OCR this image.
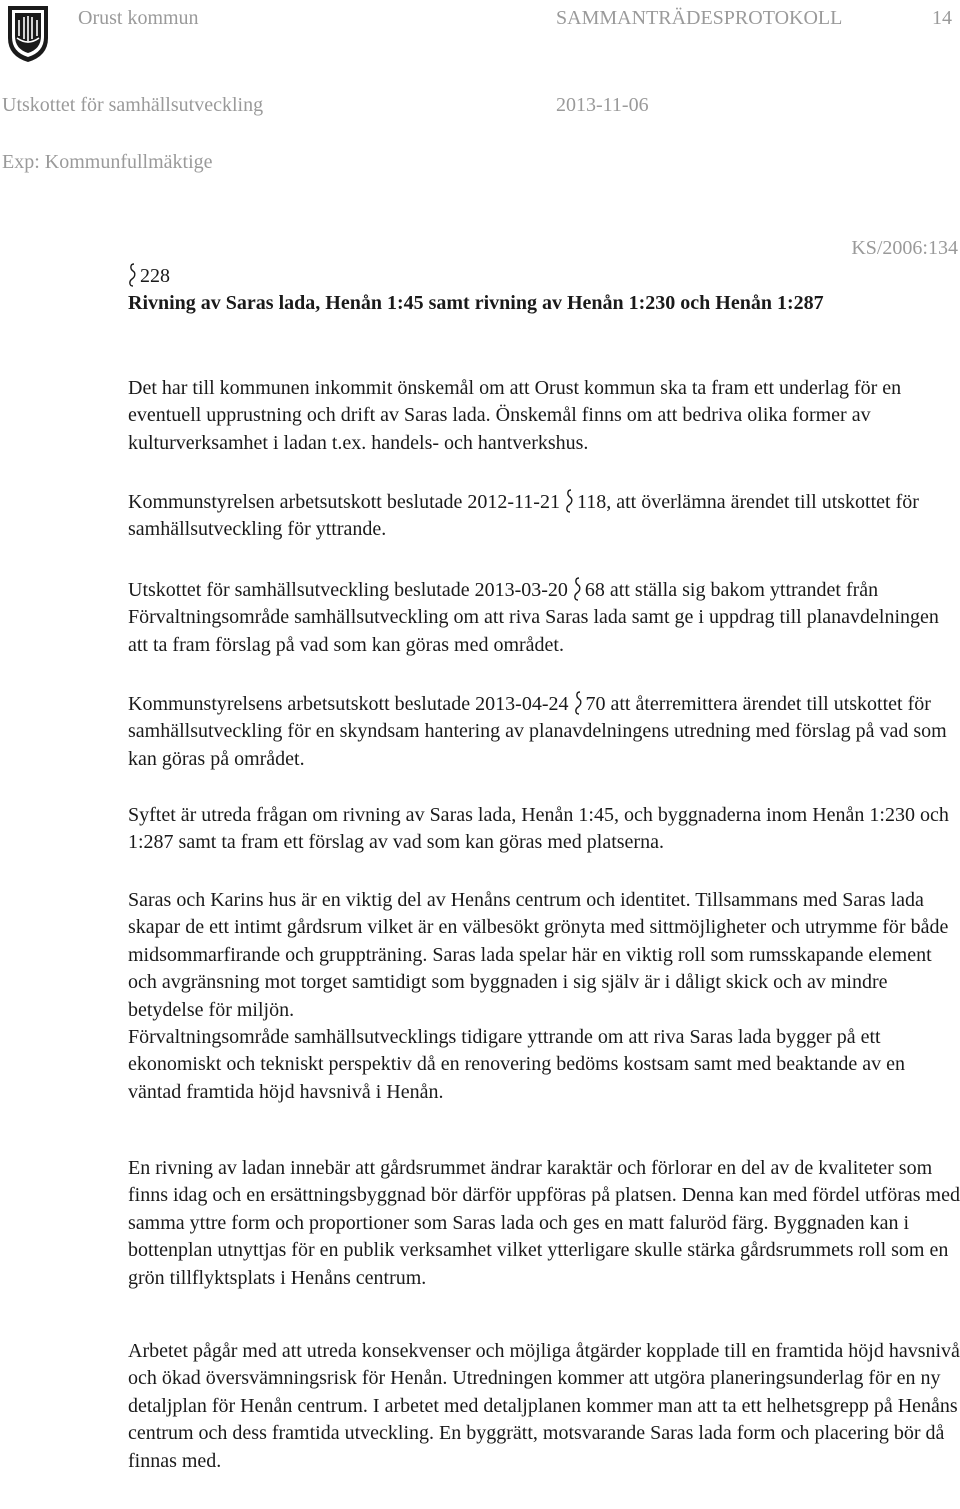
Orust kommun	SAMMANTRÄDESPROTOKOLL	14
Utskottet för samhällsutveckling	2013-11-06
Exp: Kommunfullmäktige
KS/2006:134

228

Rivning av Saras lada, Henån 1:45 samt rivning av Henån 1:230 och Henån 1:287

Det har till kommunen inkommit önskemål om att Orust kommun ska ta fram ett underlag för en eventuell upprustning och drift av Saras lada. Önskemål finns om att bedriva olika former av kulturverksamhet i ladan t.ex. handels- och hantverkshus.

Kommunstyrelsen arbetsutskott beslutade 2012-11-21 118, att överlämna ärendet till utskottet för samhällsutveckling för yttrande.

Utskottet för samhällsutveckling beslutade 2013-03-20 68 att ställa sig bakom yttrandet från Förvaltningsområde samhällsutveckling om att riva Saras lada samt ge i uppdrag till planavdelningen att ta fram förslag på vad som kan göras med området.

Kommunstyrelsens arbetsutskott beslutade 2013-04-24 70 att återremittera ärendet till utskottet för samhällsutveckling för en skyndsam hantering av planavdelningens utredning med förslag på vad som kan göras på området.

Syftet är utreda frågan om rivning av Saras lada, Henån 1:45, och byggnaderna inom Henån 1:230 och 1:287 samt ta fram ett förslag av vad som kan göras med platserna.

Saras och Karins hus är en viktig del av Henåns centrum och identitet. Tillsammans med Saras lada skapar de ett intimt gårdsrum vilket är en välbesökt grönyta med sittmöjligheter och utrymme för både midsommarfirande och gruppträning. Saras lada spelar här en viktig roll som rumsskapande element och avgränsning mot torget samtidigt som byggnaden i sig själv är i dåligt skick och av mindre betydelse för miljön.

Förvaltningsområde samhällsutvecklings tidigare yttrande om att riva Saras lada bygger på ett ekonomiskt och tekniskt perspektiv då en renovering bedöms kostsam samt med beaktande av en väntad framtida höjd havsnivå i Henån.

En rivning av ladan innebär att gårdsrummet ändrar karaktär och förlorar en del av de kvaliteter som finns idag och en ersättningsbyggnad bör därför uppföras på platsen. Denna kan med fördel utföras med samma yttre form och proportioner som Saras lada och ges en matt faluröd färg. Byggnaden kan i bottenplan utnyttjas för en publik verksamhet vilket ytterligare skulle stärka gårdsrummets roll som en grön tillflyktsplats i Henåns centrum.

Arbetet pågår med att utreda konsekvenser och möjliga åtgärder kopplade till en framtida höjd havsnivå och ökad översvämningsrisk för Henån. Utredningen kommer att utgöra planeringsunderlag för en ny detaljplan för Henån centrum. I arbetet med detaljplanen kommer man att ta ett helhetsgrepp på Henåns centrum och dess framtida utveckling. En byggrätt, motsvarande Saras lada form och placering bör då finnas med.
